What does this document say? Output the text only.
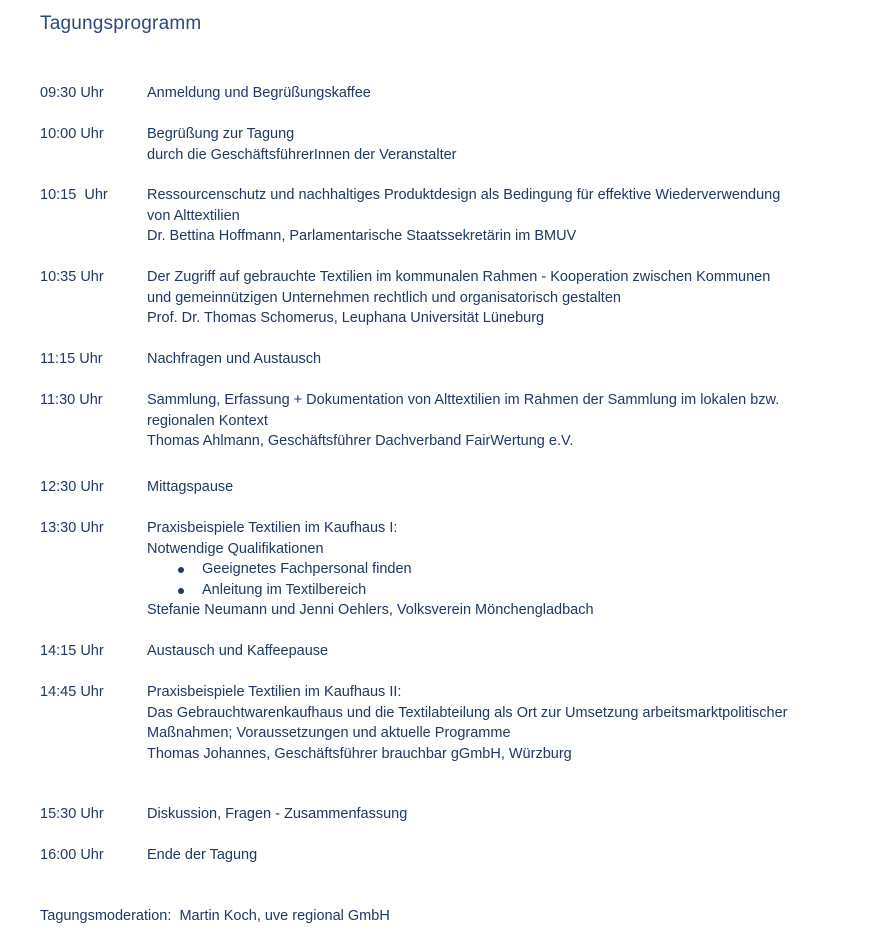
Tagungsprogramm
09:30 Uhr	Anmeldung und Begrüßungskaffee
10:00 Uhr	Begrüßung zur Tagung
durch die GeschäftsführerInnen der Veranstalter
10:15  Uhr	Ressourcenschutz und nachhaltiges Produktdesign als Bedingung für effektive Wiederverwendung
von Alttextilien
Dr. Bettina Hoffmann, Parlamentarische Staatssekretärin im BMUV
10:35 Uhr	Der Zugriff auf gebrauchte Textilien im kommunalen Rahmen - Kooperation zwischen Kommunen
und gemeinnützigen Unternehmen rechtlich und organisatorisch gestalten
Prof. Dr. Thomas Schomerus, Leuphana Universität Lüneburg
11:15 Uhr	Nachfragen und Austausch
11:30 Uhr	Sammlung, Erfassung + Dokumentation von Alttextilien im Rahmen der Sammlung im lokalen bzw.
regionalen Kontext
Thomas Ahlmann, Geschäftsführer Dachverband FairWertung e.V.
12:30 Uhr	Mittagspause
13:30 Uhr	Praxisbeispiele Textilien im Kaufhaus I:
Notwendige Qualifikationen
Geeignetes Fachpersonal finden
Anleitung im Textilbereich
Stefanie Neumann und Jenni Oehlers, Volksverein Mönchengladbach
14:15 Uhr	Austausch und Kaffeepause
14:45 Uhr	Praxisbeispiele Textilien im Kaufhaus II:
Das Gebrauchtwarenkaufhaus und die Textilabteilung als Ort zur Umsetzung arbeitsmarktpolitischer
Maßnahmen; Voraussetzungen und aktuelle Programme
Thomas Johannes, Geschäftsführer brauchbar gGmbH, Würzburg
15:30 Uhr	Diskussion, Fragen - Zusammenfassung
16:00 Uhr	Ende der Tagung
Tagungsmoderation:  Martin Koch, uve regional GmbH
